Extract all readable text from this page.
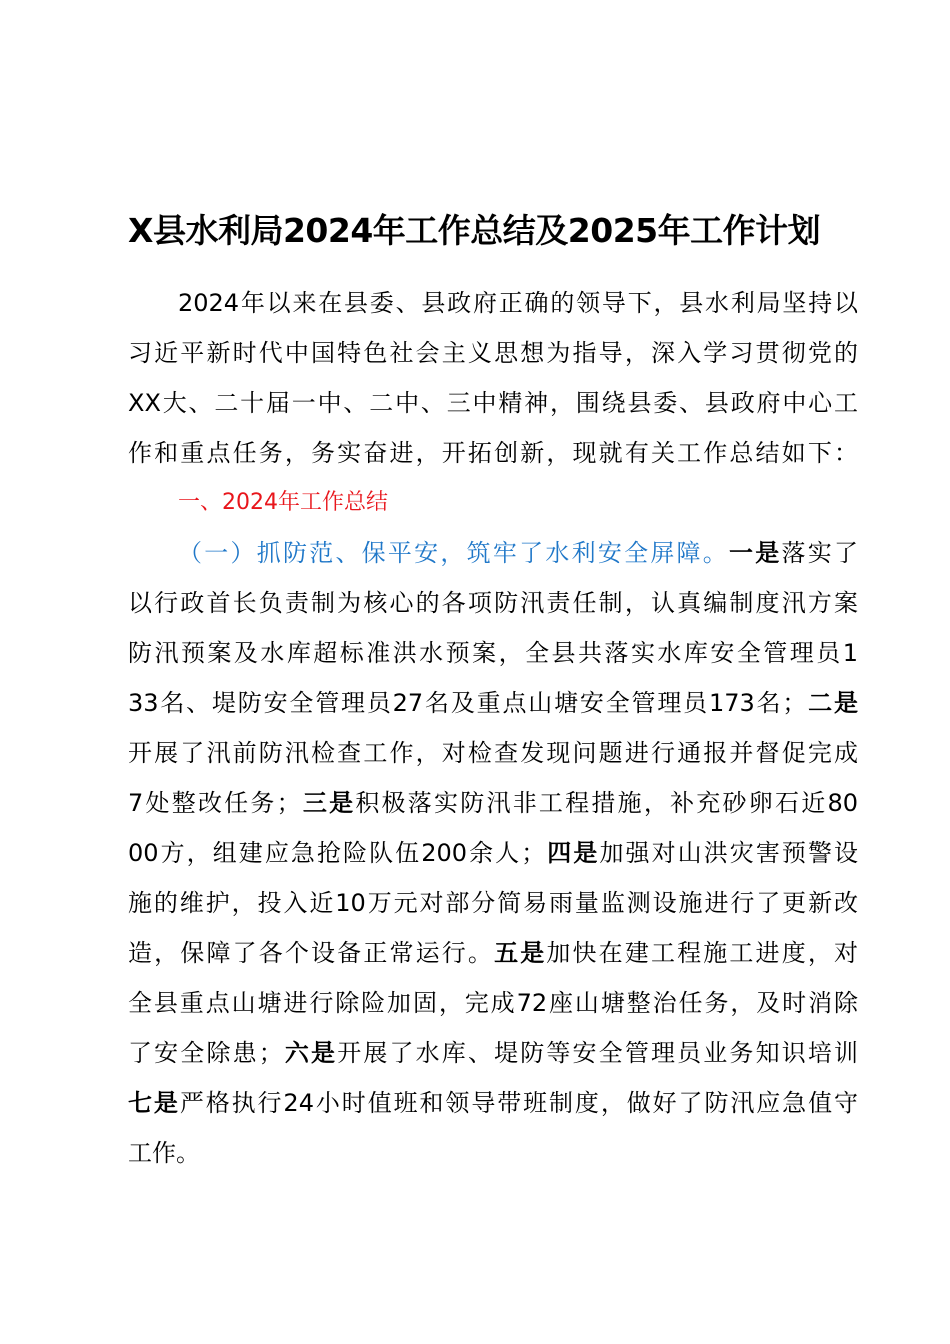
X县水利局2024年工作总结及2025年工作计划
2024年以来在县委、县政府正确的领导下，县水利局坚持以
习近平新时代中国特色社会主义思想为指导，深入学习贯彻党的
XX大、二十届一中、二中、三中精神，围绕县委、县政府中心工
作和重点任务，务实奋进，开拓创新，现就有关工作总结如下：
一、2024年工作总结
（一）抓防范、保平安，筑牢了水利安全屏障。一是落实了
以行政首长负责制为核心的各项防汛责任制，认真编制度汛方案
防汛预案及水库超标准洪水预案，全县共落实水库安全管理员1
33名、堤防安全管理员27名及重点山塘安全管理员173名；二是
开展了汛前防汛检查工作，对检查发现问题进行通报并督促完成
7处整改任务；三是积极落实防汛非工程措施，补充砂卵石近80
00方，组建应急抢险队伍200余人；四是加强对山洪灾害预警设
施的维护，投入近10万元对部分简易雨量监测设施进行了更新改
造，保障了各个设备正常运行。五是加快在建工程施工进度，对
全县重点山塘进行除险加固，完成72座山塘整治任务，及时消除
了安全除患；六是开展了水库、堤防等安全管理员业务知识培训
七是严格执行24小时值班和领导带班制度，做好了防汛应急值守
工作。
